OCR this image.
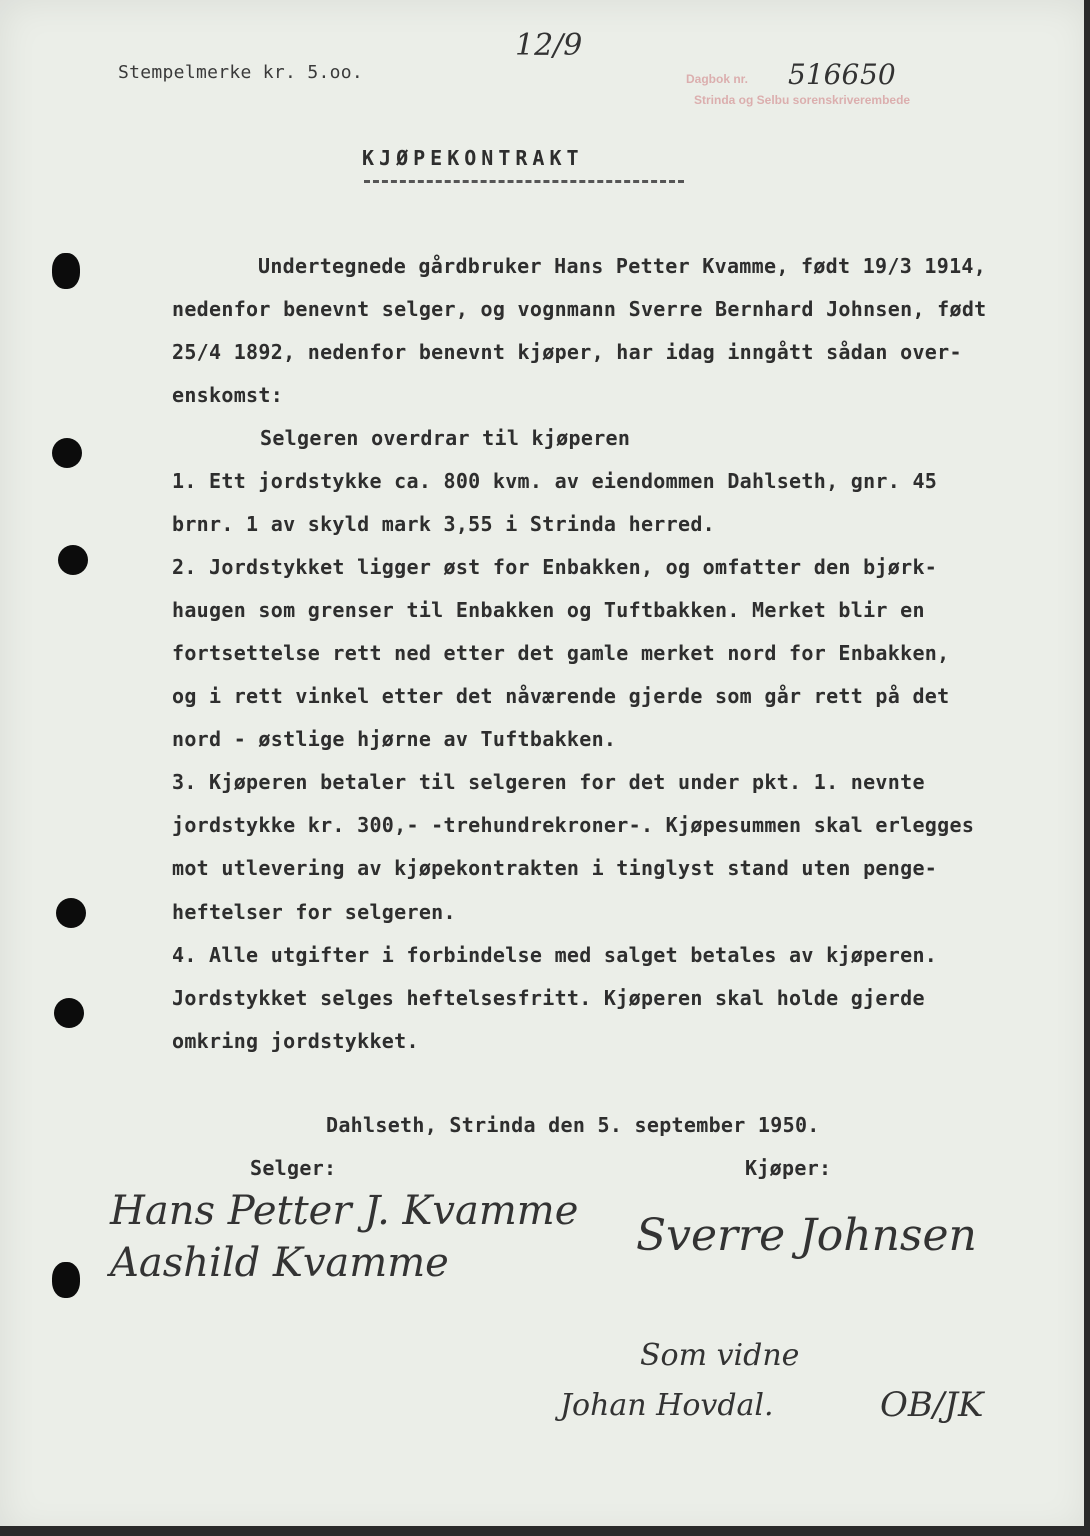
Stempelmerke kr. 5.oo.
12/9
Dagbok nr. 5166 50
Strinda og Selbu sorenskriverembede
KJØPEKONTRAKT
Undertegnede gårdbruker Hans Petter Kvamme, født 19/3 1914,
nedenfor benevnt selger, og vognmann Sverre Bernhard Johnsen, født
25/4 1892, nedenfor benevnt kjøper, har idag inngått sådan over-
enskomst:
Selgeren overdrar til kjøperen
1. Ett jordstykke ca. 800 kvm. av eiendommen Dahlseth, gnr. 45
brnr. 1 av skyld mark 3,55 i Strinda herred.
2. Jordstykket ligger øst for Enbakken, og omfatter den bjørk-
haugen som grenser til Enbakken og Tuftbakken. Merket blir en
fortsettelse rett ned etter det gamle merket nord for Enbakken,
og i rett vinkel etter det nåværende gjerde som går rett på det
nord - østlige hjørne av Tuftbakken.
3. Kjøperen betaler til selgeren for det under pkt. 1. nevnte
jordstykke kr. 300,- -trehundrekroner-. Kjøpesummen skal erlegges
mot utlevering av kjøpekontrakten i tinglyst stand uten penge-
heftelser for selgeren.
4. Alle utgifter i forbindelse med salget betales av kjøperen.
Jordstykket selges heftelsesfritt. Kjøperen skal holde gjerde
omkring jordstykket.
Dahlseth, Strinda den 5. september 1950.
Selger:	Kjøper:
Hans Petter J. Kvamme
Aashild Kvamme
Sverre Johnsen
Som vidne
Johan Hovdal.	OB/JK
